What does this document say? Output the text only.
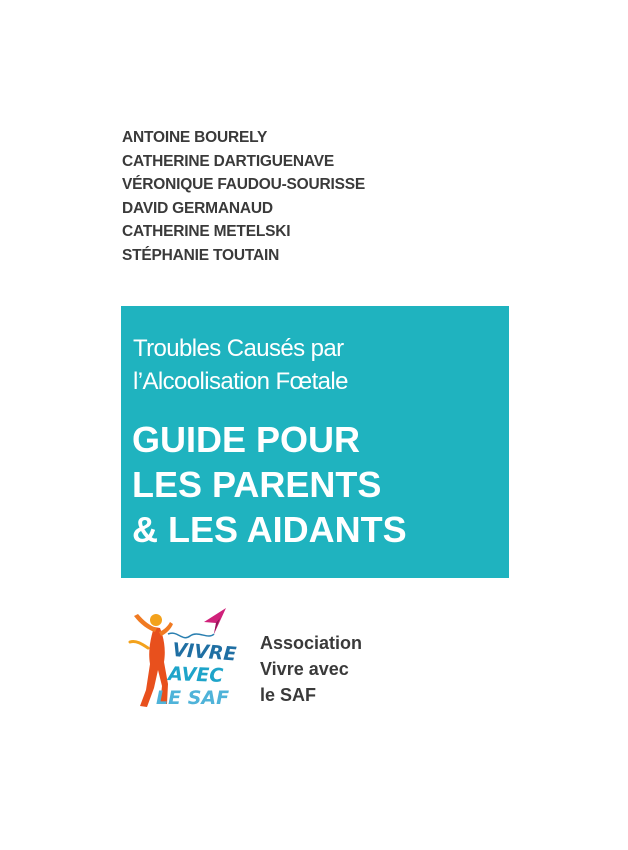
ANTOINE BOURELY
CATHERINE DARTIGUENAVE
VÉRONIQUE FAUDOU-SOURISSE
DAVID GERMANAUD
CATHERINE METELSKI
STÉPHANIE TOUTAIN
Troubles Causés par
l’Alcoolisation Fœtale
GUIDE POUR
LES PARENTS
& LES AIDANTS
VIVRE
AVEC
LE SAF
Association
Vivre avec
le SAF
